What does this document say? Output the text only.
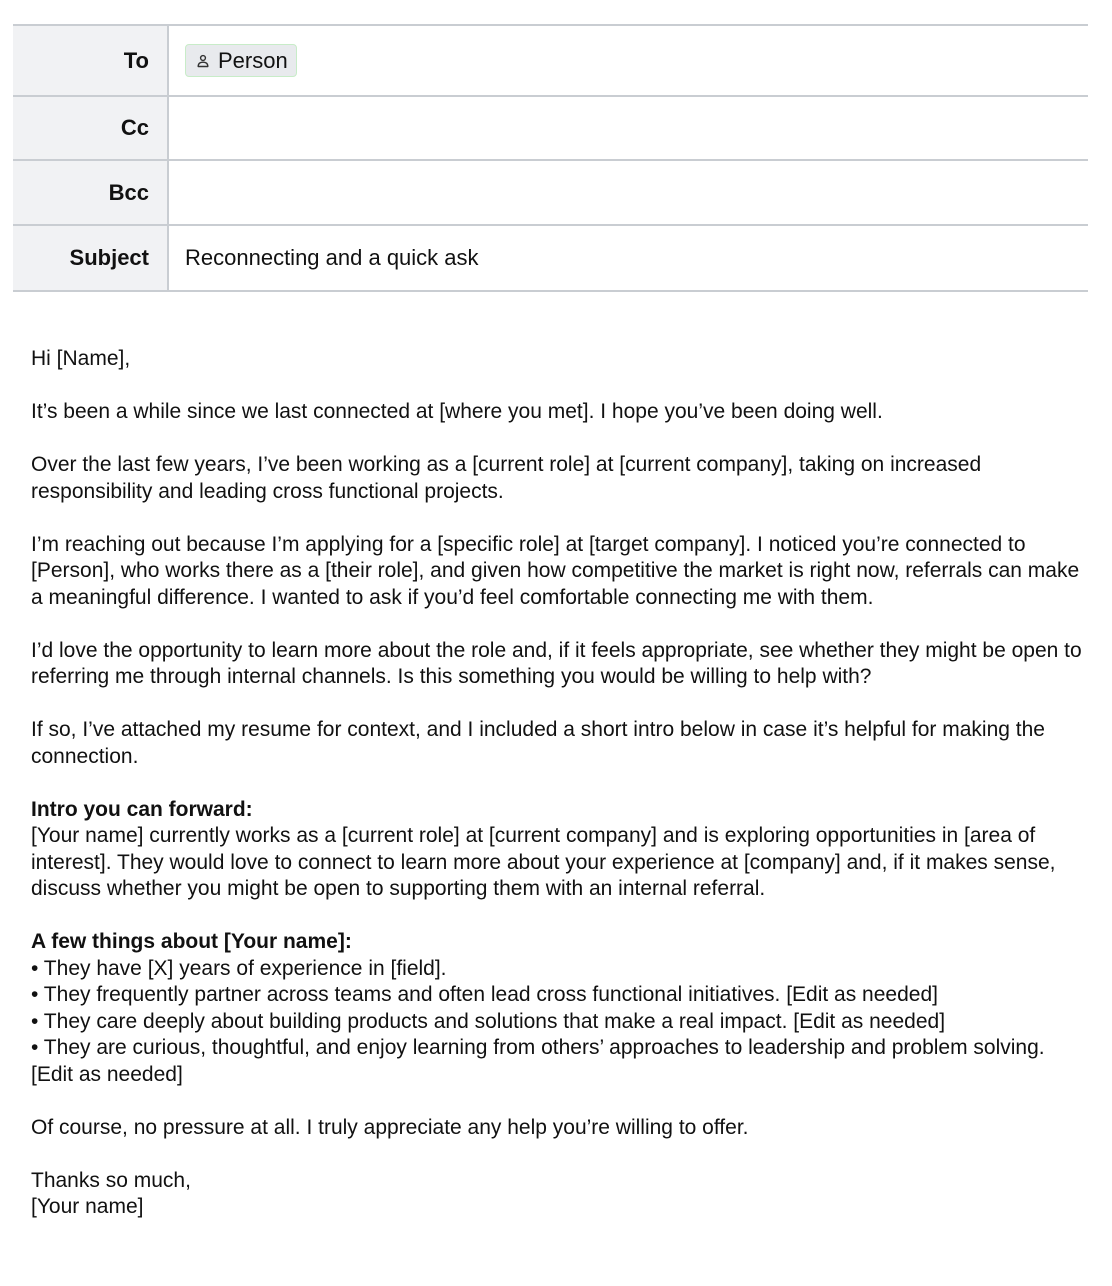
To	Person
Cc
Bcc
Subject	Reconnecting and a quick ask

Hi [Name],

It’s been a while since we last connected at [where you met]. I hope you’ve been doing well.

Over the last few years, I’ve been working as a [current role] at [current company], taking on increased responsibility and leading cross functional projects.

I’m reaching out because I’m applying for a [specific role] at [target company]. I noticed you’re connected to [Person], who works there as a [their role], and given how competitive the market is right now, referrals can make a meaningful difference. I wanted to ask if you’d feel comfortable connecting me with them.

I’d love the opportunity to learn more about the role and, if it feels appropriate, see whether they might be open to referring me through internal channels. Is this something you would be willing to help with?

If so, I’ve attached my resume for context, and I included a short intro below in case it’s helpful for making the connection.

Intro you can forward:

[Your name] currently works as a [current role] at [current company] and is exploring opportunities in [area of interest]. They would love to connect to learn more about your experience at [company] and, if it makes sense, discuss whether you might be open to supporting them with an internal referral.

A few things about [Your name]:

• They have [X] years of experience in [field].
• They frequently partner across teams and often lead cross functional initiatives. [Edit as needed]
• They care deeply about building products and solutions that make a real impact. [Edit as needed]
• They are curious, thoughtful, and enjoy learning from others’ approaches to leadership and problem solving. [Edit as needed]

Of course, no pressure at all. I truly appreciate any help you’re willing to offer.

Thanks so much,

[Your name]
